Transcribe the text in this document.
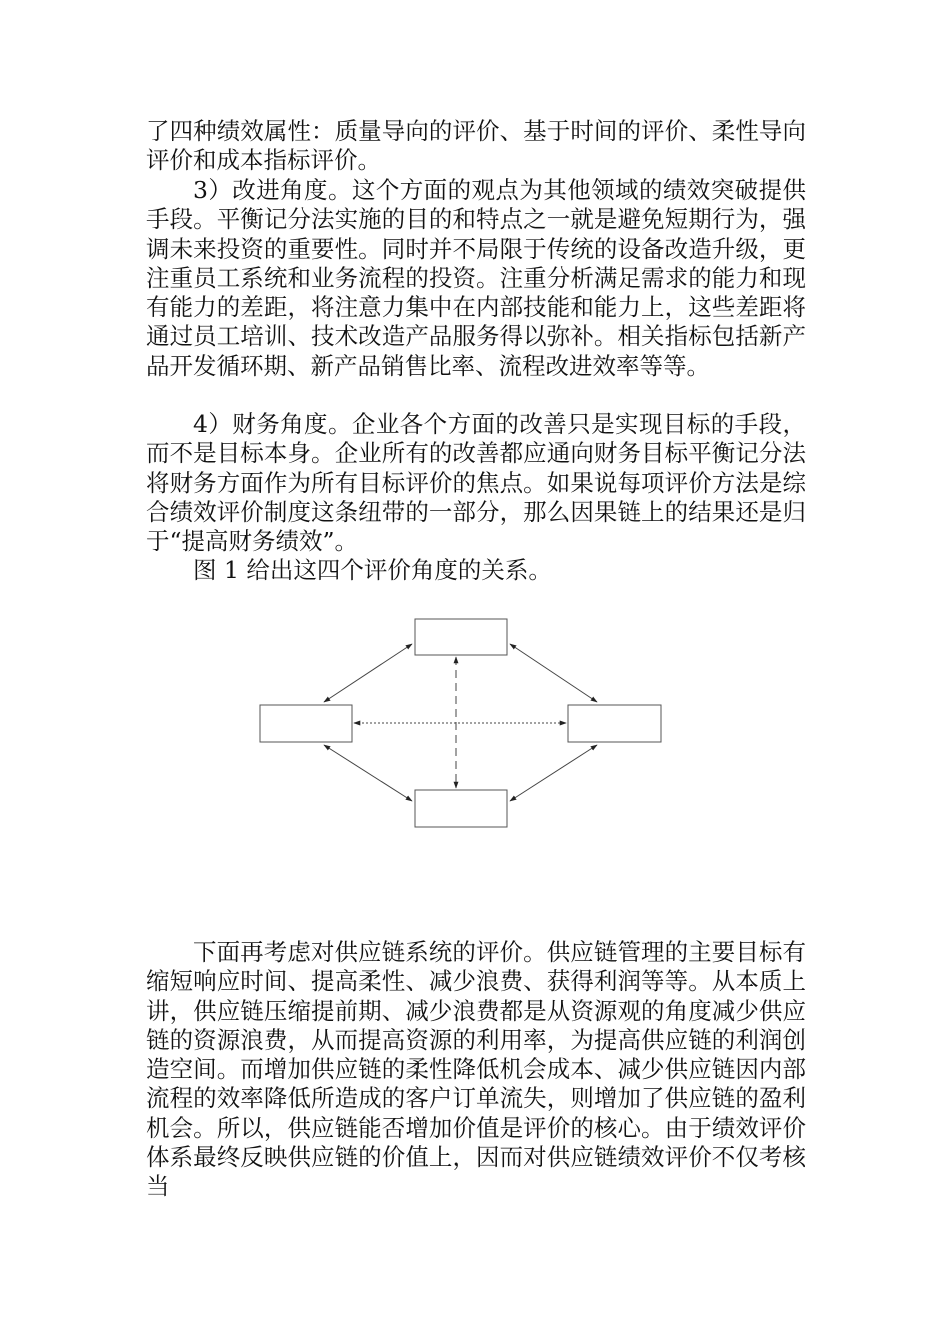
了四种绩效属性：质量导向的评价、基于时间的评价、柔性导向评价和成本指标评价。

3）改进角度。这个方面的观点为其他领域的绩效突破提供手段。平衡记分法实施的目的和特点之一就是避免短期行为，强调未来投资的重要性。同时并不局限于传统的设备改造升级，更注重员工系统和业务流程的投资。注重分析满足需求的能力和现有能力的差距，将注意力集中在内部技能和能力上，这些差距将通过员工培训、技术改造产品服务得以弥补。相关指标包括新产品开发循环期、新产品销售比率、流程改进效率等等。

4）财务角度。企业各个方面的改善只是实现目标的手段，而不是目标本身。企业所有的改善都应通向财务目标平衡记分法将财务方面作为所有目标评价的焦点。如果说每项评价方法是综合绩效评价制度这条纽带的一部分，那么因果链上的结果还是归于“提高财务绩效”。

图 1 给出这四个评价角度的关系。

下面再考虑对供应链系统的评价。供应链管理的主要目标有缩短响应时间、提高柔性、减少浪费、获得利润等等。从本质上讲，供应链压缩提前期、减少浪费都是从资源观的角度减少供应链的资源浪费，从而提高资源的利用率，为提高供应链的利润创造空间。而增加供应链的柔性降低机会成本、减少供应链因内部流程的效率降低所造成的客户订单流失，则增加了供应链的盈利机会。所以，供应链能否增加价值是评价的核心。由于绩效评价体系最终反映供应链的价值上，因而对供应链绩效评价不仅考核当
